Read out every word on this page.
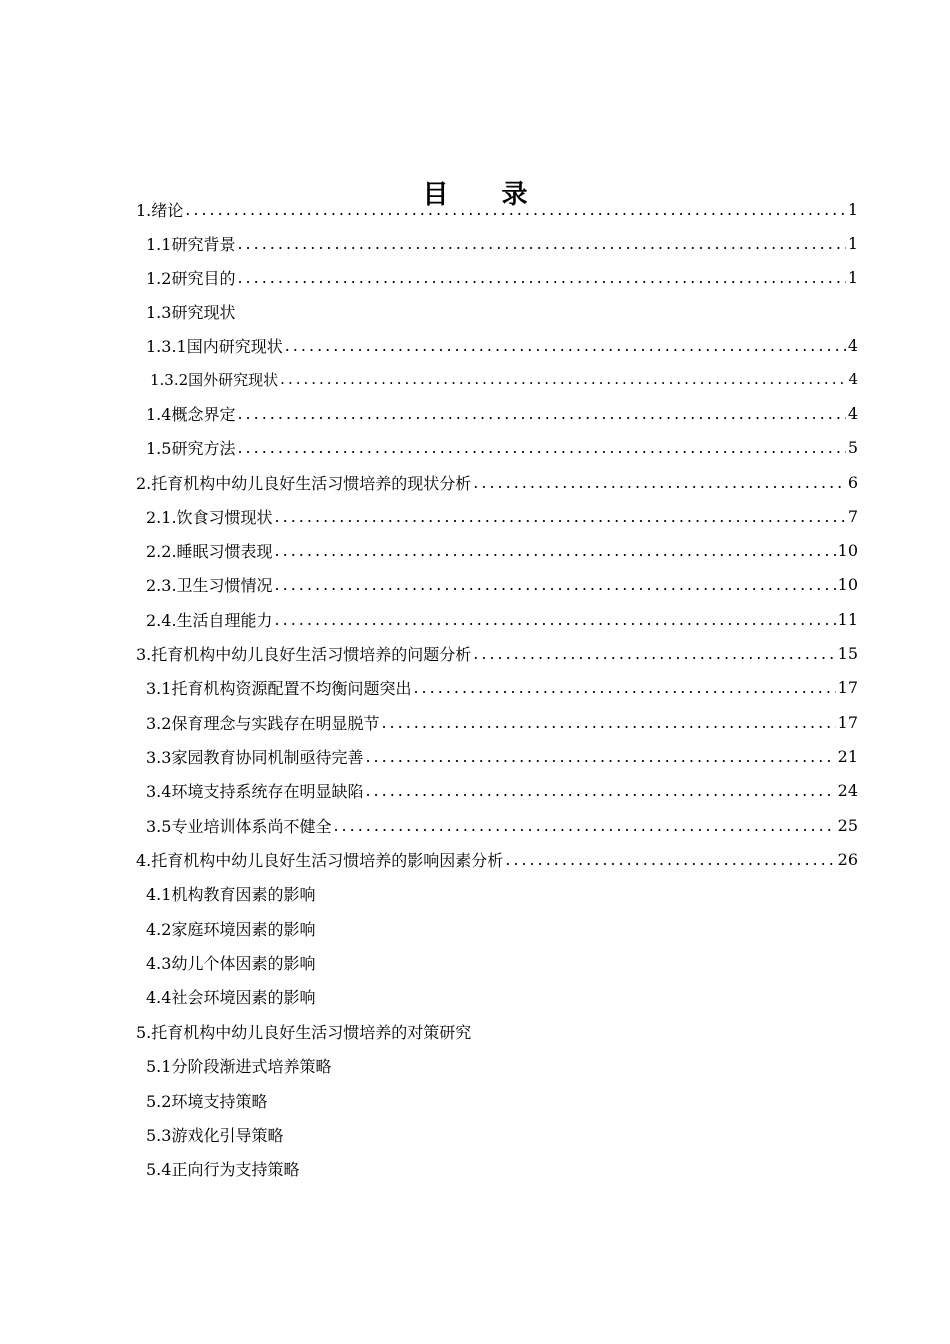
目 录
1.绪论 .....	1
1.1研究背景 .....	1
1.2研究目的 .....	1
1.3研究现状
1.3.1国内研究现状 .....	4
1.3.2国外研究现状 .....	4
1.4概念界定 .....	4
1.5研究方法 .....	5
2.托育机构中幼儿良好生活习惯培养的现状分析 .....	6
2.1.饮食习惯现状 .....	7
2.2.睡眠习惯表现 .....	10
2.3.卫生习惯情况 .....	10
2.4.生活自理能力 .....	11
3.托育机构中幼儿良好生活习惯培养的问题分析 .....	15
3.1托育机构资源配置不均衡问题突出 .....	17
3.2保育理念与实践存在明显脱节 .....	17
3.3家园教育协同机制亟待完善 .....	21
3.4环境支持系统存在明显缺陷 .....	24
3.5专业培训体系尚不健全 .....	25
4.托育机构中幼儿良好生活习惯培养的影响因素分析 .....	26
4.1机构教育因素的影响
4.2家庭环境因素的影响
4.3幼儿个体因素的影响
4.4社会环境因素的影响
5.托育机构中幼儿良好生活习惯培养的对策研究
5.1分阶段渐进式培养策略
5.2环境支持策略
5.3游戏化引导策略
5.4正向行为支持策略
